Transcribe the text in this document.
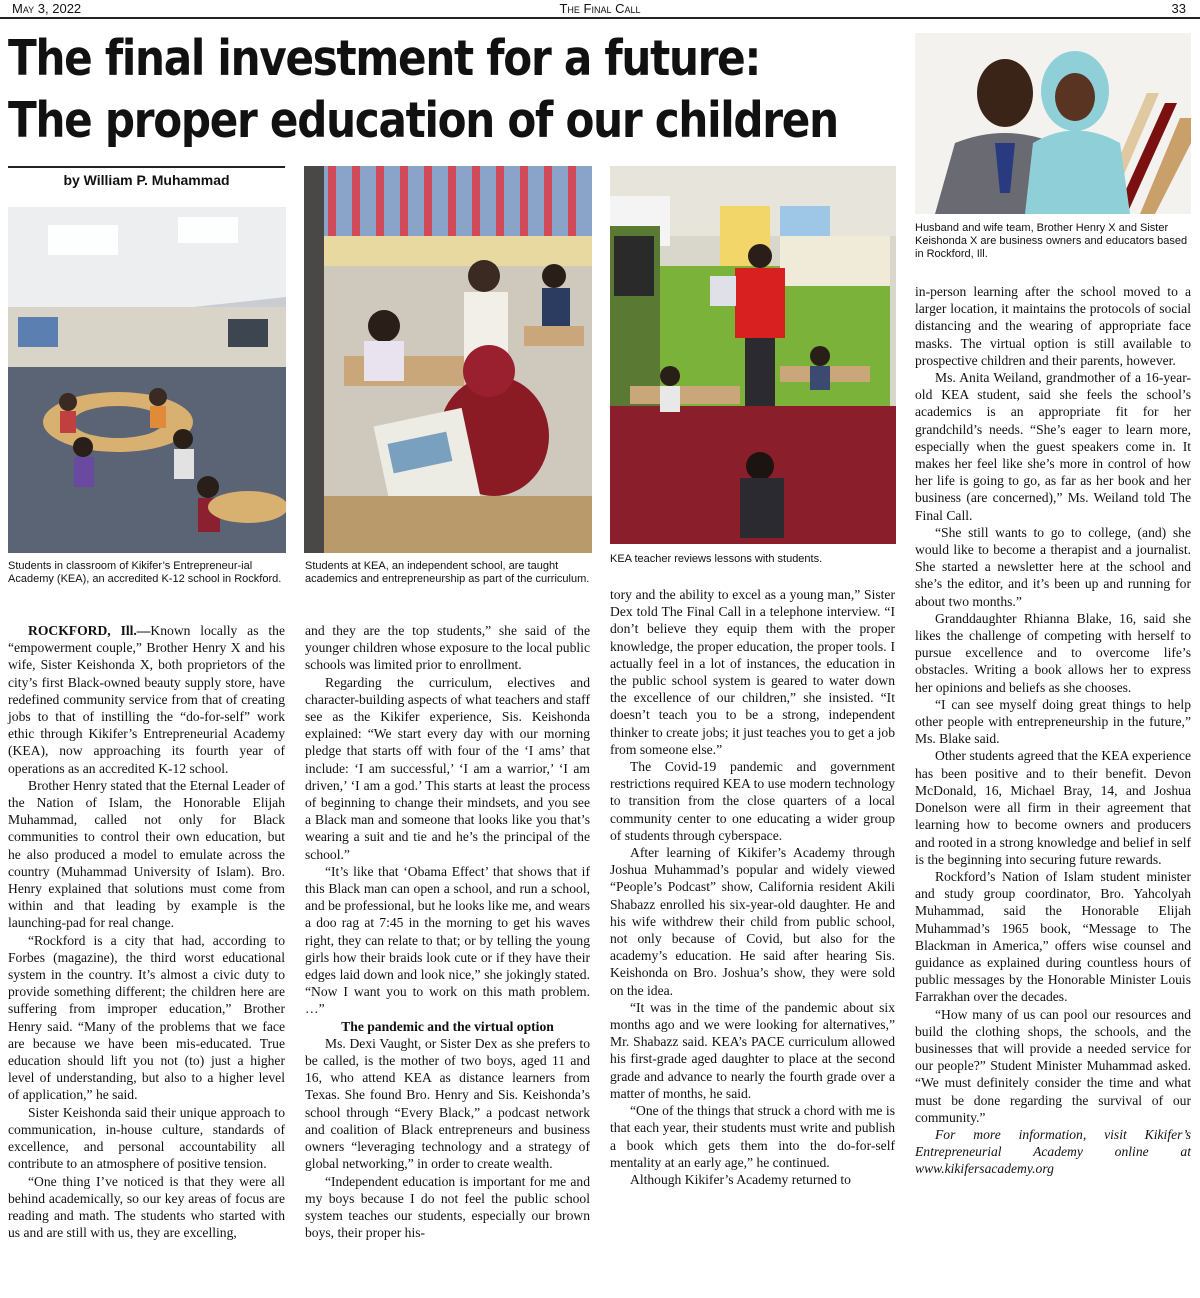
May 3, 2022	The Final Call	33
The final investment for a future:
The proper education of our children
by William P. Muhammad
Students in classroom of Kikifer’s Entrepreneur-ial Academy (KEA), an accredited K-12 school in Rockford.
Students at KEA, an independent school, are taught academics and entrepreneurship as part of the curriculum.
KEA teacher reviews lessons with students.
Husband and wife team, Brother Henry X and Sister Keishonda X are business owners and educators based in Rockford, Ill.

ROCKFORD, Ill.—Known locally as the “empowerment couple,” Brother Henry X and his wife, Sister Keishonda X, both proprietors of the city’s first Black-owned beauty supply store, have redefined community service from that of creating jobs to that of instilling the “do-for-self” work ethic through Kikifer’s Entrepreneurial Academy (KEA), now approaching its fourth year of operations as an accredited K-12 school.

Brother Henry stated that the Eternal Leader of the Nation of Islam, the Honorable Elijah Muhammad, called not only for Black communities to control their own education, but he also produced a model to emulate across the country (Muhammad University of Islam). Bro. Henry explained that solutions must come from within and that leading by example is the launching-pad for real change.

“Rockford is a city that had, according to Forbes (magazine), the third worst educational system in the country. It’s almost a civic duty to provide something different; the children here are suffering from improper education,” Brother Henry said. “Many of the problems that we face are because we have been mis-educated. True education should lift you not (to) just a higher level of understanding, but also to a higher level of application,” he said.

Sister Keishonda said their unique approach to communication, in-house culture, standards of excellence, and personal accountability all contribute to an atmosphere of positive tension.

“One thing I’ve noticed is that they were all behind academically, so our key areas of focus are reading and math. The students who started with us and are still with us, they are excelling,

and they are the top students,” she said of the younger children whose exposure to the local public schools was limited prior to enrollment.

Regarding the curriculum, electives and character-building aspects of what teachers and staff see as the Kikifer experience, Sis. Keishonda explained: “We start every day with our morning pledge that starts off with four of the ‘I ams’ that include: ‘I am successful,’ ‘I am a warrior,’ ‘I am driven,’ ‘I am a god.’ This starts at least the process of beginning to change their mindsets, and you see a Black man and someone that looks like you that’s wearing a suit and tie and he’s the principal of the school.”

“It’s like that ‘Obama Effect’ that shows that if this Black man can open a school, and run a school, and be professional, but he looks like me, and wears a doo rag at 7:45 in the morning to get his waves right, they can relate to that; or by telling the young girls how their braids look cute or if they have their edges laid down and look nice,” she jokingly stated. “Now I want you to work on this math problem. …”

The pandemic and the virtual option

Ms. Dexi Vaught, or Sister Dex as she prefers to be called, is the mother of two boys, aged 11 and 16, who attend KEA as distance learners from Texas. She found Bro. Henry and Sis. Keishonda’s school through “Every Black,” a podcast network and coalition of Black entrepreneurs and business owners “leveraging technology and a strategy of global networking,” in order to create wealth.

“Independent education is important for me and my boys because I do not feel the public school system teaches our students, especially our brown boys, their proper his-

tory and the ability to excel as a young man,” Sister Dex told The Final Call in a telephone interview. “I don’t believe they equip them with the proper knowledge, the proper education, the proper tools. I actually feel in a lot of instances, the education in the public school system is geared to water down the excellence of our children,” she insisted. “It doesn’t teach you to be a strong, independent thinker to create jobs; it just teaches you to get a job from someone else.”

The Covid-19 pandemic and government restrictions required KEA to use modern technology to transition from the close quarters of a local community center to one educating a wider group of students through cyberspace.

After learning of Kikifer’s Academy through Joshua Muhammad’s popular and widely viewed “People’s Podcast” show, California resident Akili Shabazz enrolled his six-year-old daughter. He and his wife withdrew their child from public school, not only because of Covid, but also for the academy’s education. He said after hearing Sis. Keishonda on Bro. Joshua’s show, they were sold on the idea.

“It was in the time of the pandemic about six months ago and we were looking for alternatives,” Mr. Shabazz said. KEA’s PACE curriculum allowed his first-grade aged daughter to place at the second grade and advance to nearly the fourth grade over a matter of months, he said.

“One of the things that struck a chord with me is that each year, their students must write and publish a book which gets them into the do-for-self mentality at an early age,” he continued.

Although Kikifer’s Academy returned to

in-person learning after the school moved to a larger location, it maintains the protocols of social distancing and the wearing of appropriate face masks. The virtual option is still available to prospective children and their parents, however.

Ms. Anita Weiland, grandmother of a 16-year-old KEA student, said she feels the school’s academics is an appropriate fit for her grandchild’s needs. “She’s eager to learn more, especially when the guest speakers come in. It makes her feel like she’s more in control of how her life is going to go, as far as her book and her business (are concerned),” Ms. Weiland told The Final Call.

“She still wants to go to college, (and) she would like to become a therapist and a journalist. She started a newsletter here at the school and she’s the editor, and it’s been up and running for about two months.”

Granddaughter Rhianna Blake, 16, said she likes the challenge of competing with herself to pursue excellence and to overcome life’s obstacles. Writing a book allows her to express her opinions and beliefs as she chooses.

“I can see myself doing great things to help other people with entrepreneurship in the future,” Ms. Blake said.

Other students agreed that the KEA experience has been positive and to their benefit. Devon McDonald, 16, Michael Bray, 14, and Joshua Donelson were all firm in their agreement that learning how to become owners and producers and rooted in a strong knowledge and belief in self is the beginning into securing future rewards.

Rockford’s Nation of Islam student minister and study group coordinator, Bro. Yahcolyah Muhammad, said the Honorable Elijah Muhammad’s 1965 book, “Message to The Blackman in America,” offers wise counsel and guidance as explained during countless hours of public messages by the Honorable Minister Louis Farrakhan over the decades.

“How many of us can pool our resources and build the clothing shops, the schools, and the businesses that will provide a needed service for our people?” Student Minister Muhammad asked. “We must definitely consider the time and what must be done regarding the survival of our community.”

For more information, visit Kikifer’s Entrepreneurial Academy online at www.kikifersacademy.org
